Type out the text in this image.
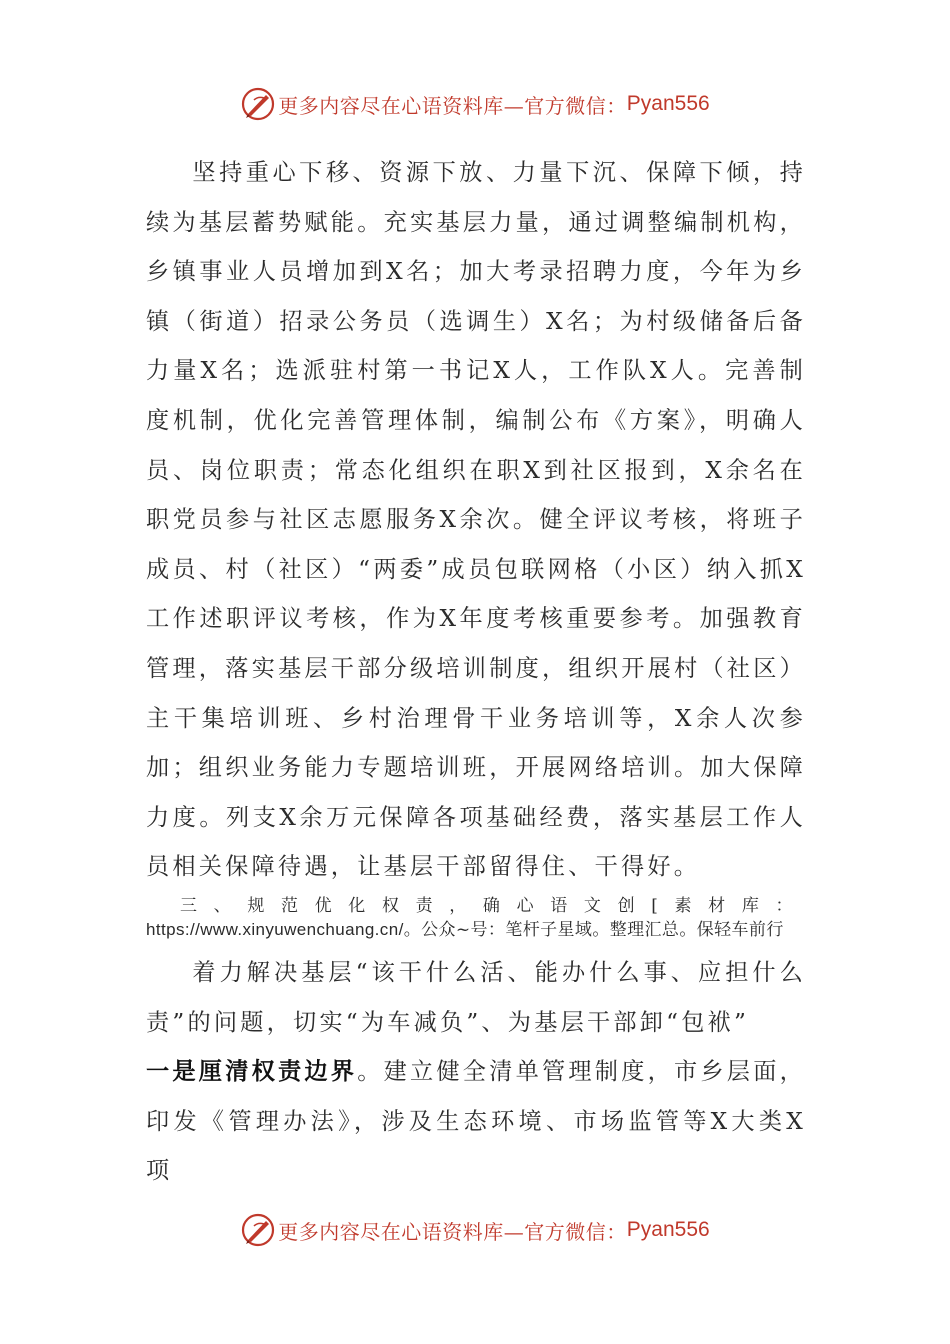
更多内容尽在心语资料库—官方微信： Pyan556

坚持重心下移、资源下放、力量下沉、保障下倾，持续为基层蓄势赋能。充实基层力量，通过调整编制机构，乡镇事业人员增加到X名；加大考录招聘力度，今年为乡镇（街道）招录公务员（选调生）X名；为村级储备后备力量X名；选派驻村第一书记X人，工作队X人。完善制度机制，优化完善管理体制，编制公布《方案》，明确人员、岗位职责；常态化组织在职X到社区报到，X余名在职党员参与社区志愿服务X余次。健全评议考核，将班子成员、村（社区）“两委”成员包联网格（小区）纳入抓X工作述职评议考核，作为X年度考核重要参考。加强教育管理，落实基层干部分级培训制度，组织开展村（社区）主干集培训班、乡村治理骨干业务培训等，X余人次参加；组织业务能力专题培训班，开展网络培训。加大保障力度。列支X余万元保障各项基础经费，落实基层工作人员相关保障待遇，让基层干部留得住、干得好。

三、规范优化权责，确心语文创[素材库：https://www.xinyuwenchuang.cn/。公众~号：笔杆子星域。整理汇总。保轻车前行

着力解决基层“该干什么活、能办什么事、应担什么责”的问题，切实“为车减负”、为基层干部卸“包袱”

一是厘清权责边界。建立健全清单管理制度，市乡层面，印发《管理办法》，涉及生态环境、市场监管等X大类X项

更多内容尽在心语资料库—官方微信： Pyan556
